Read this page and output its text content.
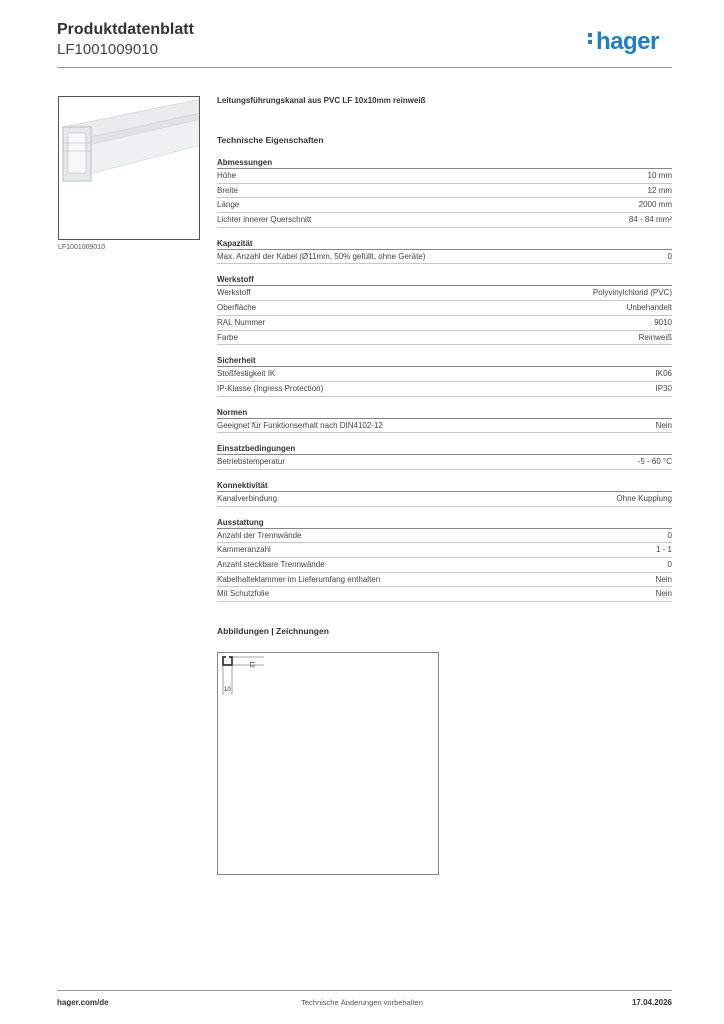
Produktdatenblatt
LF1001009010	hager
LF1001009010
Leitungsführungskanal aus PVC LF 10x10mm reinweiß
Technische Eigenschaften
Abmessungen
Höhe	10 mm
Breite	12 mm
Länge	2000 mm
Lichter innerer Querschnitt	84 - 84 mm²
Kapazität
Max. Anzahl der Kabel (Ø11mm, 50% gefüllt, ohne Geräte)	0
Werkstoff
Werkstoff	Polyvinylchlorid (PVC)
Oberfläche	Unbehandelt
RAL Nummer	9010
Farbe	Reinweiß
Sicherheit
Stoßfestigkeit IK	IK06
IP-Klasse (Ingress Protection)	IP30
Normen
Geeignet für Funktionserhalt nach DIN4102-12	Nein
Einsatzbedingungen
Betriebstemperatur	-5 - 60 °C
Konnektivität
Kanalverbindung	Ohne Kupplung
Ausstattung
Anzahl der Trennwände	0
Kammeranzahl	1 - 1
Anzahl steckbare Trennwände	0
Kabelhalteklammer im Lieferumfang enthalten	Nein
Mit Schutzfolie	Nein
Abbildungen | Zeichnungen
12
10
hager.com/de	Technische Änderungen vorbehalten	17.04.2026
